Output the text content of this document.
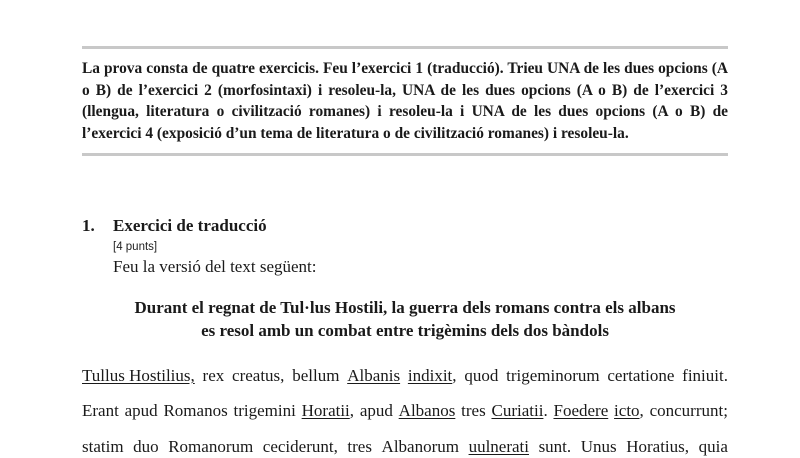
La prova consta de quatre exercicis. Feu l’exercici 1 (traducció). Trieu UNA de les dues opcions (A o B) de l’exercici 2 (morfosintaxi) i resoleu-la, UNA de les dues opcions (A o B) de l’exercici 3 (llengua, literatura o civilització romanes) i resoleu-la i UNA de les dues opcions (A o B) de l’exercici 4 (exposició d’un tema de literatura o de civilització romanes) i resoleu-la.

1. Exercici de traducció
[4 punts]
Feu la versió del text següent:
Durant el regnat de Tul·lus Hostili, la guerra dels romans contra els albans
es resol amb un combat entre trigèmins dels dos bàndols
Tullus Hostilius, rex creatus, bellum Albanis indixit, quod trigeminorum certatione finiuit.
Erant apud Romanos trigemini Horatii, apud Albanos tres Curiatii. Foedere icto, concurrunt;
statim duo Romanorum ceciderunt, tres Albanorum uulnerati sunt. Unus Horatius, quia
